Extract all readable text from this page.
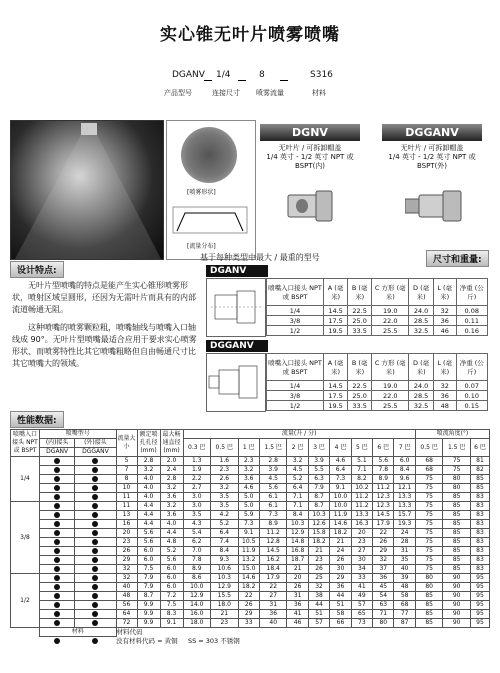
实心锥无叶片喷雾喷嘴
DGANV 1/4	8	S316
产品型号	连接尺寸 喷雾流量	材料
[喷雾形状]
[流量分布]
DGNV
无叶片 / 可拆卸帽盖
1/4 英寸 - 1/2 英寸 NPT 或
BSPT(内)
DGGANV
无叶片 / 可拆卸帽盖
1/4 英寸 - 1/2 英寸 NPT 或
BSPT(外)
设计特点:
无叶片型喷嘴的特点是能产生实心锥形喷雾形状，喷射区域呈圆形，还因为无需叶片而具有的内部流道畅通无阻。
这种喷嘴的喷雾颗粒粗，喷嘴轴线与喷嘴入口轴线成 90°。无叶片型喷嘴最适合应用于要求实心喷雾形状、而喷雾特性比其它喷嘴粗略但自由畅通尺寸比其它喷嘴大的领域。
基于每种类型中最大 / 最重的型号	尺寸和重量:
DGANV
喷嘴入口接头 NPT 或 BSPT	A (毫米)	B (毫米)	C 方形 (毫米)	D (毫米)	L (毫米)	净重 (公斤)
1/4	14.5	22.5	19.0	24.0	32	0.08
3/8	17.5	25.0	22.0	28.5	36	0.11
1/2	19.5	33.5	25.5	32.5	46	0.16
DGGANV
喷嘴入口接头 NPT 或 BSPT	A (毫米)	B (毫米)	C 方形 (毫米)	D (毫米)	L (毫米)	净重 (公斤)
1/4	14.5	22.5	19.0	24.0	32	0.07
3/8	17.5	25.0	22.0	28.5	36	0.10
1/2	19.5	33.5	25.5	32.5	48	0.15
性能数据:
喷嘴入口接头 NPT 或 BSPT	喷嘴型号		流量大小	额定喷孔孔径 (mm)	最大畅通直径 (mm)	流量(升 / 分)										喷流角度(°)		
	(内)接头	(外)接头				0.3 巴	0.5 巴	1 巴	1.5 巴	2 巴	3 巴	4 巴	5 巴	6 巴	7 巴	0.5 巴	1.5 巴	6 巴
	DGANV	DGGANV																
1/4			5	2.8	2.0	1.3	1.6	2.3	2.8	3.2	3.9	4.6	5.1	5.6	6.0	68	75	81
			7	3.2	2.4	1.9	2.3	3.2	3.9	4.5	5.5	6.4	7.1	7.8	8.4	68	75	82
			8	4.0	2.8	2.2	2.6	3.6	4.5	5.2	6.3	7.3	8.2	8.9	9.6	75	80	85
			10	4.0	3.2	2.7	3.2	4.6	5.6	6.4	7.9	9.1	10.2	11.2	12.1	75	80	85
			11	4.0	3.6	3.0	3.5	5.0	6.1	7.1	8.7	10.0	11.2	12.3	13.3	75	85	83
3/8			11	4.4	3.2	3.0	3.5	5.0	6.1	7.1	8.7	10.0	11.2	12.3	13.3	75	85	83
			13	4.4	3.6	3.5	4.2	5.9	7.3	8.4	10.3	11.9	13.3	14.5	15.7	75	85	83
			16	4.4	4.0	4.3	5.2	7.3	8.9	10.3	12.6	14.6	16.3	17.9	19.3	75	85	83
			20	5.6	4.4	5.4	6.4	9.1	11.2	12.9	15.8	18.2	20	22	24	75	85	83
			23	5.6	4.8	6.2	7.4	10.5	12.8	14.8	18.2	21	23	26	28	75	85	83
			26	6.0	5.2	7.0	8.4	11.9	14.5	16.8	21	24	27	29	31	75	85	83
			29	6.0	5.6	7.8	9.3	13.2	16.2	18.7	23	26	30	32	35	75	85	83
			32	7.5	6.0	8.9	10.6	15.0	18.4	21	26	30	34	37	40	75	85	83
1/2			32	7.9	6.0	8.6	10.3	14.6	17.9	20	25	29	33	36	39	80	90	95
			40	7.9	6.0	10.0	12.9	18.2	22	26	32	36	41	45	48	80	90	95
			48	8.7	7.2	12.9	15.5	22	27	31	38	44	49	54	58	85	90	95
			56	9.9	7.5	14.0	18.0	26	31	36	44	51	57	63	68	85	90	95
			64	9.9	8.3	16.0	21	29	36	41	51	58	65	71	77	85	90	95
			72	9.9	9.1	18.0	23	33	40	46	57	66	73	80	87	85	90	95
	材料		材料代码															
			没有材料代码 = 黄铜 SS = 303 不锈钢															
